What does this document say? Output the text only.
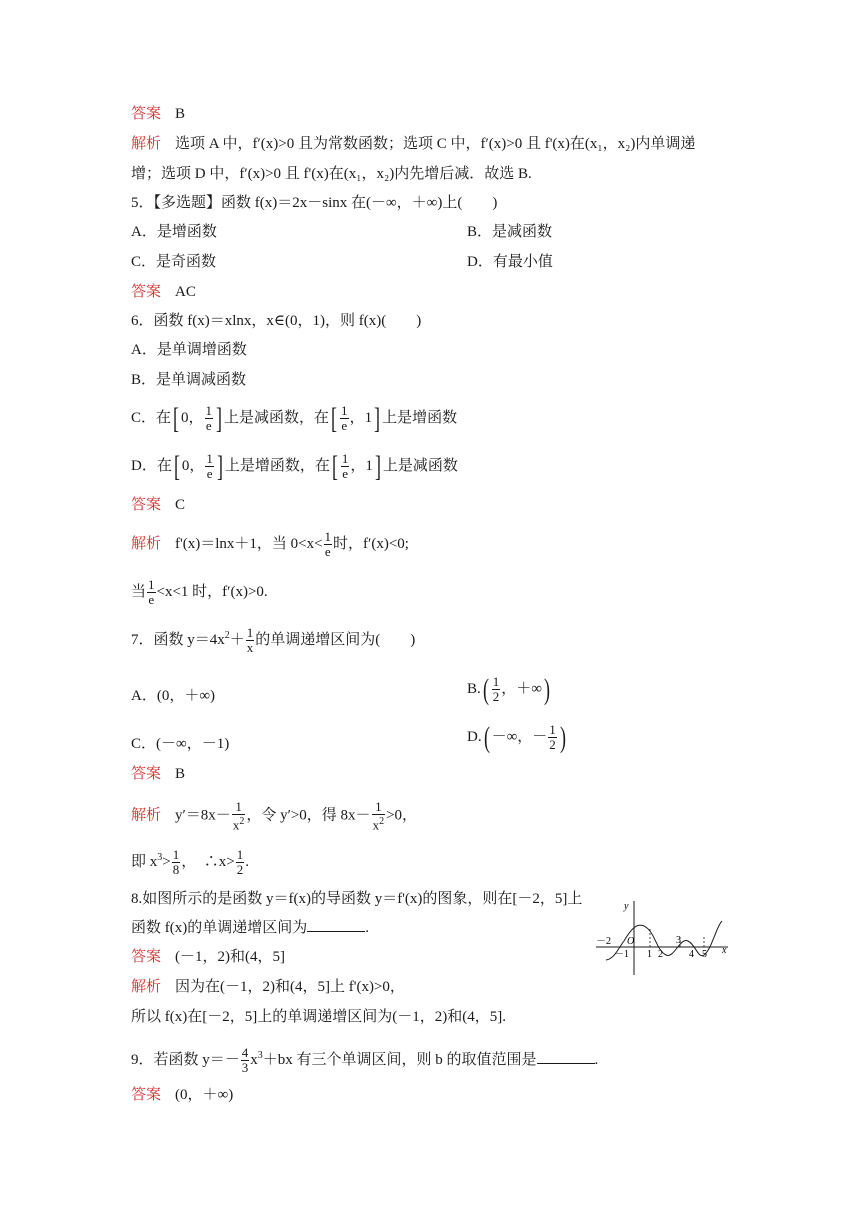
答案 B
解析 选项 A 中，f′(x)>0 且为常数函数；选项 C 中，f′(x)>0 且 f'(x)在(x₁，x₂)内单调递
增；选项 D 中，f′(x)>0 且 f'(x)在(x₁，x₂)内先增后减．故选 B.
5．【多选题】函数 f(x)＝2x－sinx 在(－∞，＋∞)上(　　)
A．是增函数	B．是减函数
C．是奇函数	D．有最小值
答案 AC
6．函数 f(x)＝xlnx，x∈(0，1)，则 f(x)(　　)
A．是单调增函数
B．是单调减函数
C．在[ 0， $\frac{1}{e}$ ] 上是减函数，在[ $\frac{1}{e}$ ，1] 上是增函数
D．在[ 0， $\frac{1}{e}$ ] 上是增函数，在[ $\frac{1}{e}$ ，1] 上是减函数
答案 C
解析 f'(x)＝lnx＋1，当 $0<x< \frac{1}{e}$ 时，f′(x)<0;
当 $\frac{1}{e} <x<1$ 时，f′(x)>0.
7．函数 $y=4x^2+ \frac{1}{x}$ 的单调递增区间为(　　)
A．(0，＋∞)	$B.( \frac{1}{2}$ ，＋∞)
C．(－∞，－1)	D.( －∞，－ $\frac{1}{2}$ )
答案 B
解析 $y'=8x- \frac{1}{x^2}$ ，令 y′>0，得 $8x- \frac{1}{x^2} >0$，
即 $x^3> \frac{1}{8}$ ，　∴x> $\frac{1}{2}$ .
8.如图所示的是函数 y＝f(x)的导函数 y＝f'(x)的图象，则在[－2，5]上
函数 f(x)的单调递增区间为	.
y
x
O
－2
－1 1 2
3
4 5
答案 (－1，2)和(4，5]
解析 因为在(－1，2)和(4，5]上 f'(x)>0，
所以 f(x)在[－2，5]上的单调递增区间为(－1，2)和(4，5].
9．若函数 $y=- \frac{4}{3} x^3+bx$ 有三个单调区间，则 b 的取值范围是	.
答案 (0，＋∞)
